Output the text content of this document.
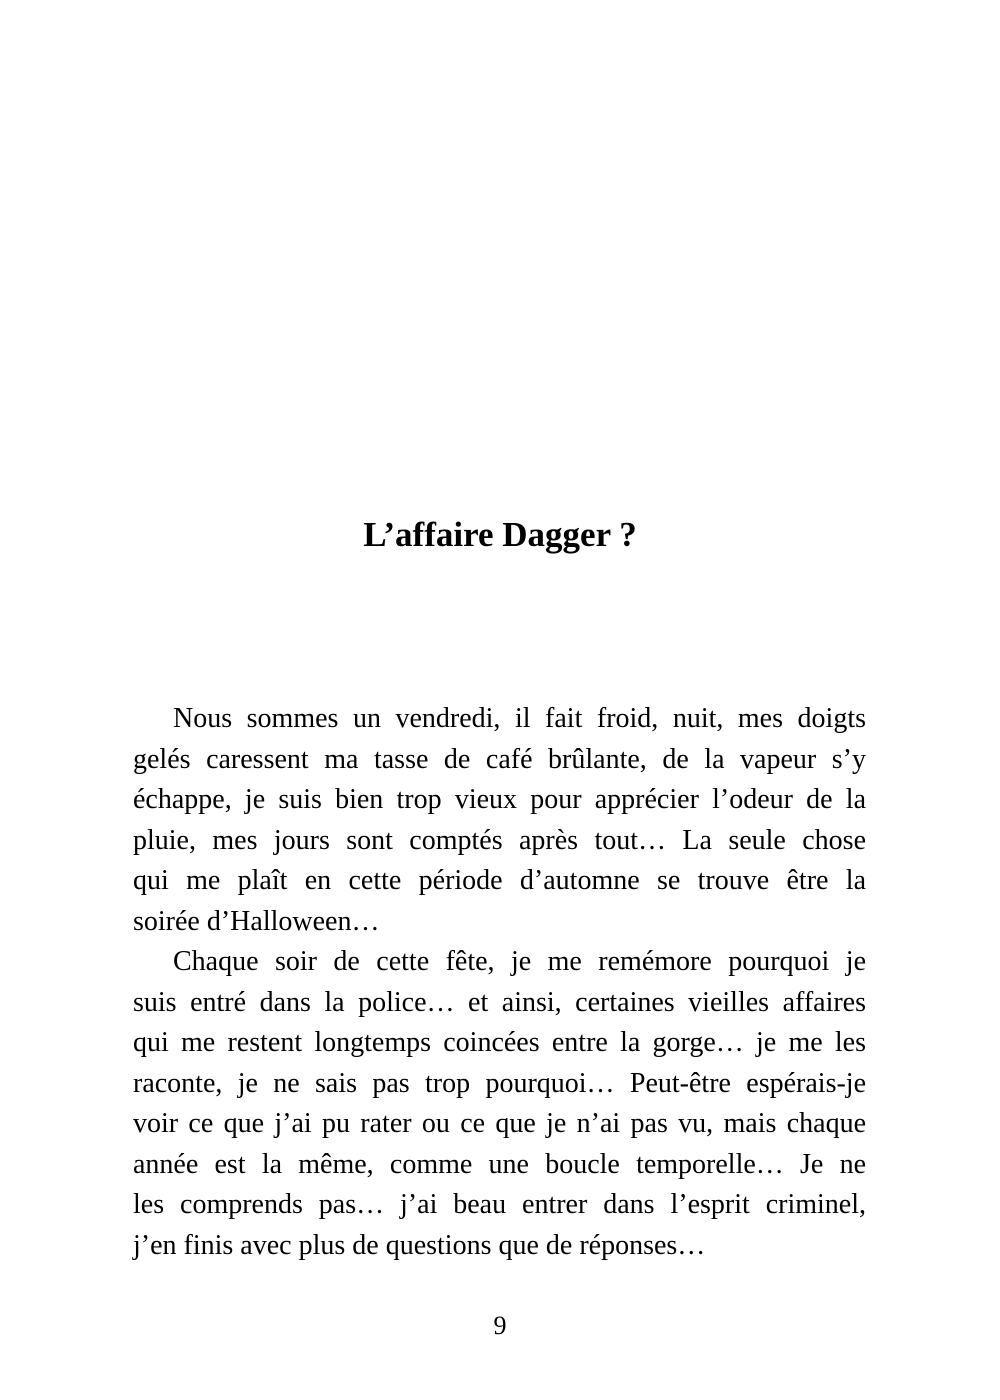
L’affaire Dagger ?
Nous sommes un vendredi, il fait froid, nuit, mes doigts
gelés caressent ma tasse de café brûlante, de la vapeur s’y
échappe, je suis bien trop vieux pour apprécier l’odeur de la
pluie, mes jours sont comptés après tout… La seule chose
qui me plaît en cette période d’automne se trouve être la
soirée d’Halloween…
Chaque soir de cette fête, je me remémore pourquoi je
suis entré dans la police… et ainsi, certaines vieilles affaires
qui me restent longtemps coincées entre la gorge… je me les
raconte, je ne sais pas trop pourquoi… Peut-être espérais-je
voir ce que j’ai pu rater ou ce que je n’ai pas vu, mais chaque
année est la même, comme une boucle temporelle… Je ne
les comprends pas… j’ai beau entrer dans l’esprit criminel,
j’en finis avec plus de questions que de réponses…
9
